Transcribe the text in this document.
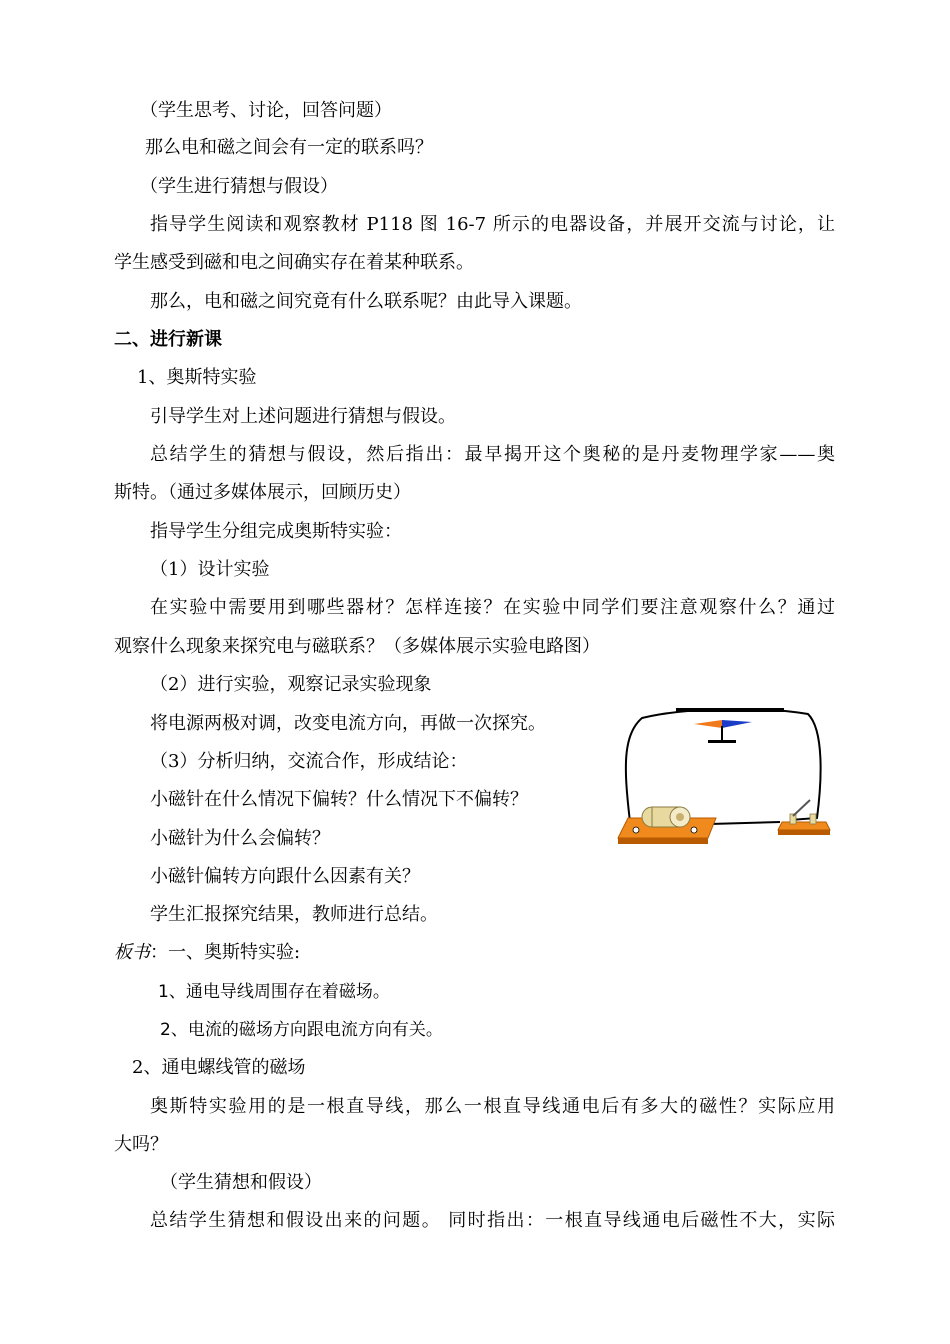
（学生思考、讨论，回答问题）
那么电和磁之间会有一定的联系吗？
（学生进行猜想与假设）
指导学生阅读和观察教材 P118 图 16-7 所示的电器设备，并展开交流与讨论，让
学生感受到磁和电之间确实存在着某种联系。
那么，电和磁之间究竟有什么联系呢？由此导入课题。
二、进行新课
1、奥斯特实验
引导学生对上述问题进行猜想与假设。
总结学生的猜想与假设，然后指出：最早揭开这个奥秘的是丹麦物理学家——奥
斯特。（通过多媒体展示，回顾历史）
指导学生分组完成奥斯特实验：
（1）设计实验
在实验中需要用到哪些器材？怎样连接？在实验中同学们要注意观察什么？通过
观察什么现象来探究电与磁联系？（多媒体展示实验电路图）
（2）进行实验，观察记录实验现象
将电源两极对调，改变电流方向，再做一次探究。
（3）分析归纳，交流合作，形成结论：
小磁针在什么情况下偏转？什么情况下不偏转？
小磁针为什么会偏转？
小磁针偏转方向跟什么因素有关？
学生汇报探究结果，教师进行总结。
板书：一、奥斯特实验:
1、通电导线周围存在着磁场。
2、电流的磁场方向跟电流方向有关。
2、通电螺线管的磁场
奥斯特实验用的是一根直导线，那么一根直导线通电后有多大的磁性？实际应用
大吗？
（学生猜想和假设）
总结学生猜想和假设出来的问题。 同时指出：一根直导线通电后磁性不大，实际
